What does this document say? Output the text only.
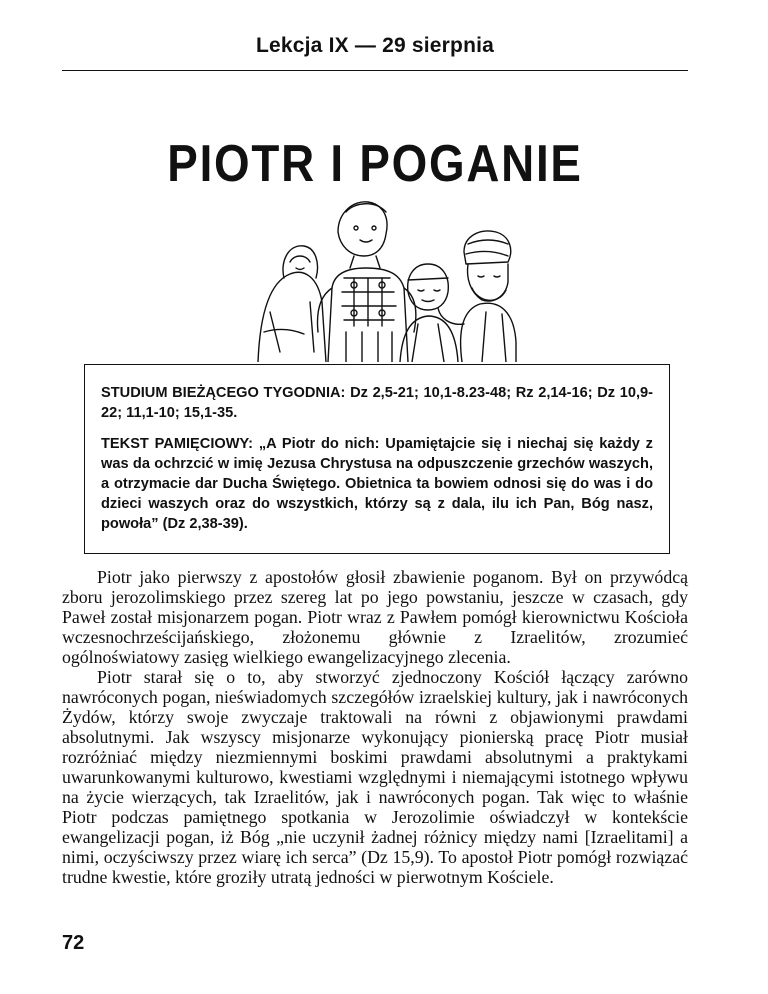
Lekcja IX — 29 sierpnia
PIOTR I POGANIE

STUDIUM BIEŻĄCEGO TYGODNIA: Dz 2,5-21; 10,1-8.23-48; Rz 2,14-16; Dz 10,9-22; 11,1-10; 15,1-35.

TEKST PAMIĘCIOWY: „A Piotr do nich: Upamiętajcie się i niechaj się każdy z was da ochrzcić w imię Jezusa Chrystusa na odpuszczenie grzechów waszych, a otrzymacie dar Ducha Świętego. Obietnica ta bowiem odnosi się do was i do dzieci waszych oraz do wszystkich, którzy są z dala, ilu ich Pan, Bóg nasz, powoła” (Dz 2,38-39).

Piotr jako pierwszy z apostołów głosił zbawienie poganom. Był on przywódcą zboru jerozolimskiego przez szereg lat po jego powstaniu, jeszcze w czasach, gdy Paweł został misjonarzem pogan. Piotr wraz z Pawłem pomógł kierownictwu Kościoła wczesnochrześcijańskiego, złożonemu głównie z Izraelitów, zrozumieć ogólnoświatowy zasięg wielkiego ewangelizacyjnego zlecenia.

Piotr starał się o to, aby stworzyć zjednoczony Kościół łączący zarówno nawróconych pogan, nieświadomych szczegółów izraelskiej kultury, jak i nawróconych Żydów, którzy swoje zwyczaje traktowali na równi z objawionymi prawdami absolutnymi. Jak wszyscy misjonarze wykonujący pionierską pracę Piotr musiał rozróżniać między niezmiennymi boskimi prawdami absolutnymi a praktykami uwarunkowanymi kulturowo, kwestiami względnymi i niemającymi istotnego wpływu na życie wierzących, tak Izraelitów, jak i nawróconych pogan. Tak więc to właśnie Piotr podczas pamiętnego spotkania w Jerozolimie oświadczył w kontekście ewangelizacji pogan, iż Bóg „nie uczynił żadnej różnicy między nami [Izraelitami] a nimi, oczyściwszy przez wiarę ich serca” (Dz 15,9). To apostoł Piotr pomógł rozwiązać trudne kwestie, które groziły utratą jedności w pierwotnym Kościele.

72
